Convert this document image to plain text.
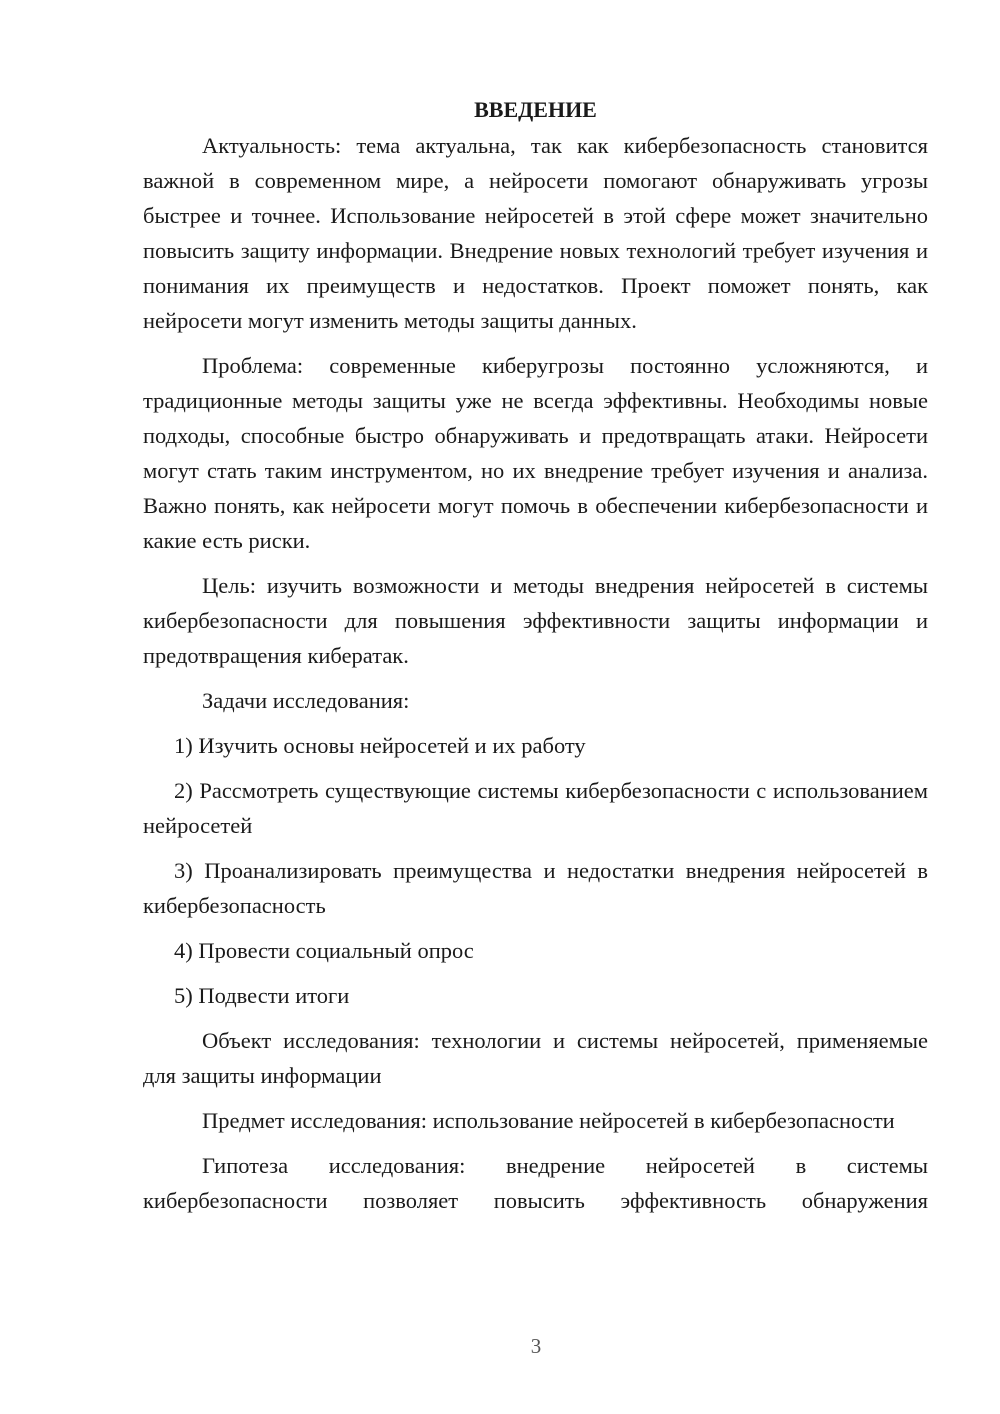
ВВЕДЕНИЕ

Актуальность: тема актуальна, так как кибербезопасность становится важной в современном мире, а нейросети помогают обнаруживать угрозы быстрее и точнее. Использование нейросетей в этой сфере может значительно повысить защиту информации. Внедрение новых технологий требует изучения и понимания их преимуществ и недостатков. Проект поможет понять, как нейросети могут изменить методы защиты данных.

Проблема: современные киберугрозы постоянно усложняются, и традиционные методы защиты уже не всегда эффективны. Необходимы новые подходы, способные быстро обнаруживать и предотвращать атаки. Нейросети могут стать таким инструментом, но их внедрение требует изучения и анализа. Важно понять, как нейросети могут помочь в обеспечении кибербезопасности и какие есть риски.

Цель: изучить возможности и методы внедрения нейросетей в системы кибербезопасности для повышения эффективности защиты информации и предотвращения кибератак.

Задачи исследования:

1) Изучить основы нейросетей и их работу

2) Рассмотреть существующие системы кибербезопасности с использованием нейросетей

3) Проанализировать преимущества и недостатки внедрения нейросетей в кибербезопасность

4) Провести социальный опрос

5) Подвести итоги

Объект исследования: технологии и системы нейросетей, применяемые для защиты информации

Предмет исследования: использование нейросетей в кибербезопасности

Гипотеза исследования: внедрение нейросетей в системы кибербезопасности позволяет повысить эффективность обнаружения

3
